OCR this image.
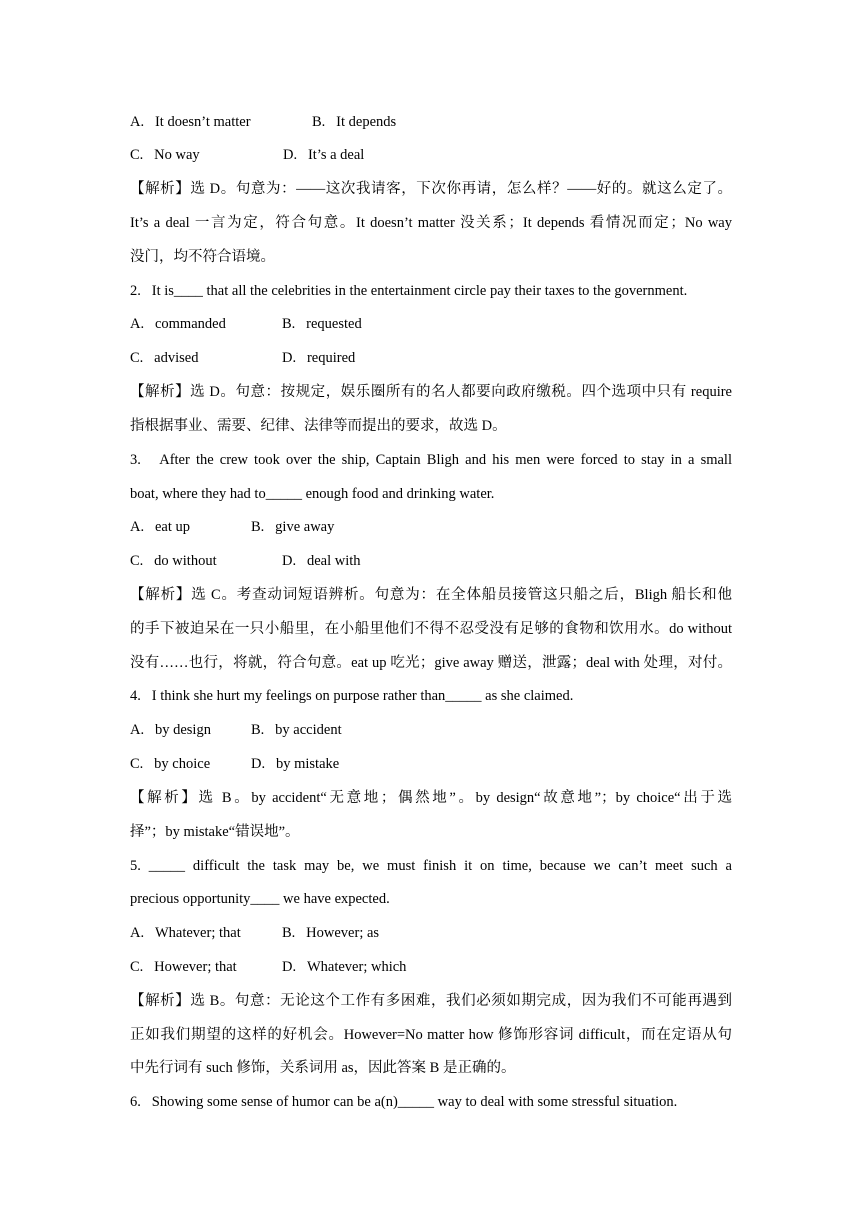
A.   It doesn’t matter	B.   It depends
C.   No way	D.   It’s a deal
【解析】选 D。句意为：——这次我请客，下次你再请，怎么样？——好的。就这么定了。
It’s a deal 一言为定，符合句意。It doesn’t matter 没关系；It depends 看情况而定；No way
没门，均不符合语境。
2.   It is____ that all the celebrities in the entertainment circle pay their taxes to the government.
A.   commanded	B.   requested
C.   advised	D.   required
【解析】选 D。句意：按规定，娱乐圈所有的名人都要向政府缴税。四个选项中只有 require
指根据事业、需要、纪律、法律等而提出的要求，故选 D。
3.   After the crew took over the ship, Captain Bligh and his men were forced to stay in a small
boat, where they had to_____ enough food and drinking water.
A.   eat up	B.   give away
C.   do without	D.   deal with
【解析】选 C。考查动词短语辨析。句意为：在全体船员接管这只船之后，Bligh 船长和他
的手下被迫呆在一只小船里，在小船里他们不得不忍受没有足够的食物和饮用水。do without
没有……也行，将就，符合句意。eat up 吃光；give away 赠送，泄露；deal with 处理，对付。
4.   I think she hurt my feelings on purpose rather than_____ as she claimed.
A.   by design	B.   by accident
C.   by choice	D.   by mistake
【解析】选 B。by accident“无意地；偶然地”。by design“故意地”；by choice“出于选
择”；by mistake“错误地”。
5. _____ difficult the task may be, we must finish it on time, because we can’t meet such a
precious opportunity____ we have expected.
A.   Whatever; that	B.   However; as
C.   However; that	D.   Whatever; which
【解析】选 B。句意：无论这个工作有多困难，我们必须如期完成，因为我们不可能再遇到
正如我们期望的这样的好机会。However=No matter how 修饰形容词 difficult，而在定语从句
中先行词有 such 修饰，关系词用 as，因此答案 B 是正确的。
6.   Showing some sense of humor can be a(n)_____ way to deal with some stressful situation.
